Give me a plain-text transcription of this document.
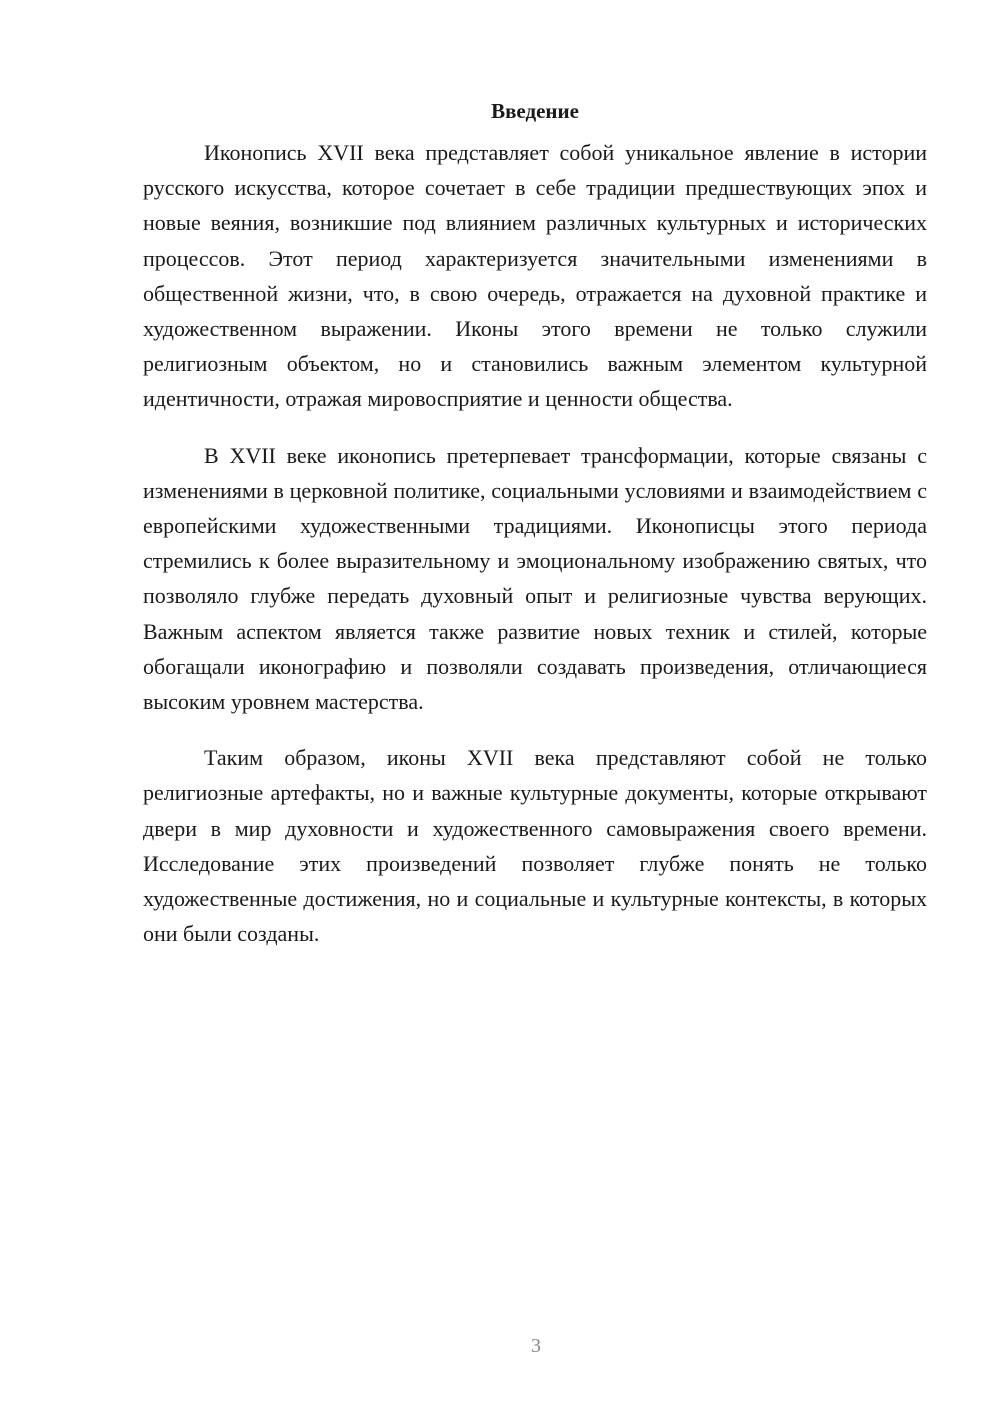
Введение

Иконопись XVII века представляет собой уникальное явление в истории русского искусства, которое сочетает в себе традиции предшествующих эпох и новые веяния, возникшие под влиянием различных культурных и исторических процессов. Этот период характеризуется значительными изменениями в общественной жизни, что, в свою очередь, отражается на духовной практике и художественном выражении. Иконы этого времени не только служили религиозным объектом, но и становились важным элементом культурной идентичности, отражая мировосприятие и ценности общества.

В XVII веке иконопись претерпевает трансформации, которые связаны с изменениями в церковной политике, социальными условиями и взаимодействием с европейскими художественными традициями. Иконописцы этого периода стремились к более выразительному и эмоциональному изображению святых, что позволяло глубже передать духовный опыт и религиозные чувства верующих. Важным аспектом является также развитие новых техник и стилей, которые обогащали иконографию и позволяли создавать произведения, отличающиеся высоким уровнем мастерства.

Таким образом, иконы XVII века представляют собой не только религиозные артефакты, но и важные культурные документы, которые открывают двери в мир духовности и художественного самовыражения своего времени. Исследование этих произведений позволяет глубже понять не только художественные достижения, но и социальные и культурные контексты, в которых они были созданы.

3
